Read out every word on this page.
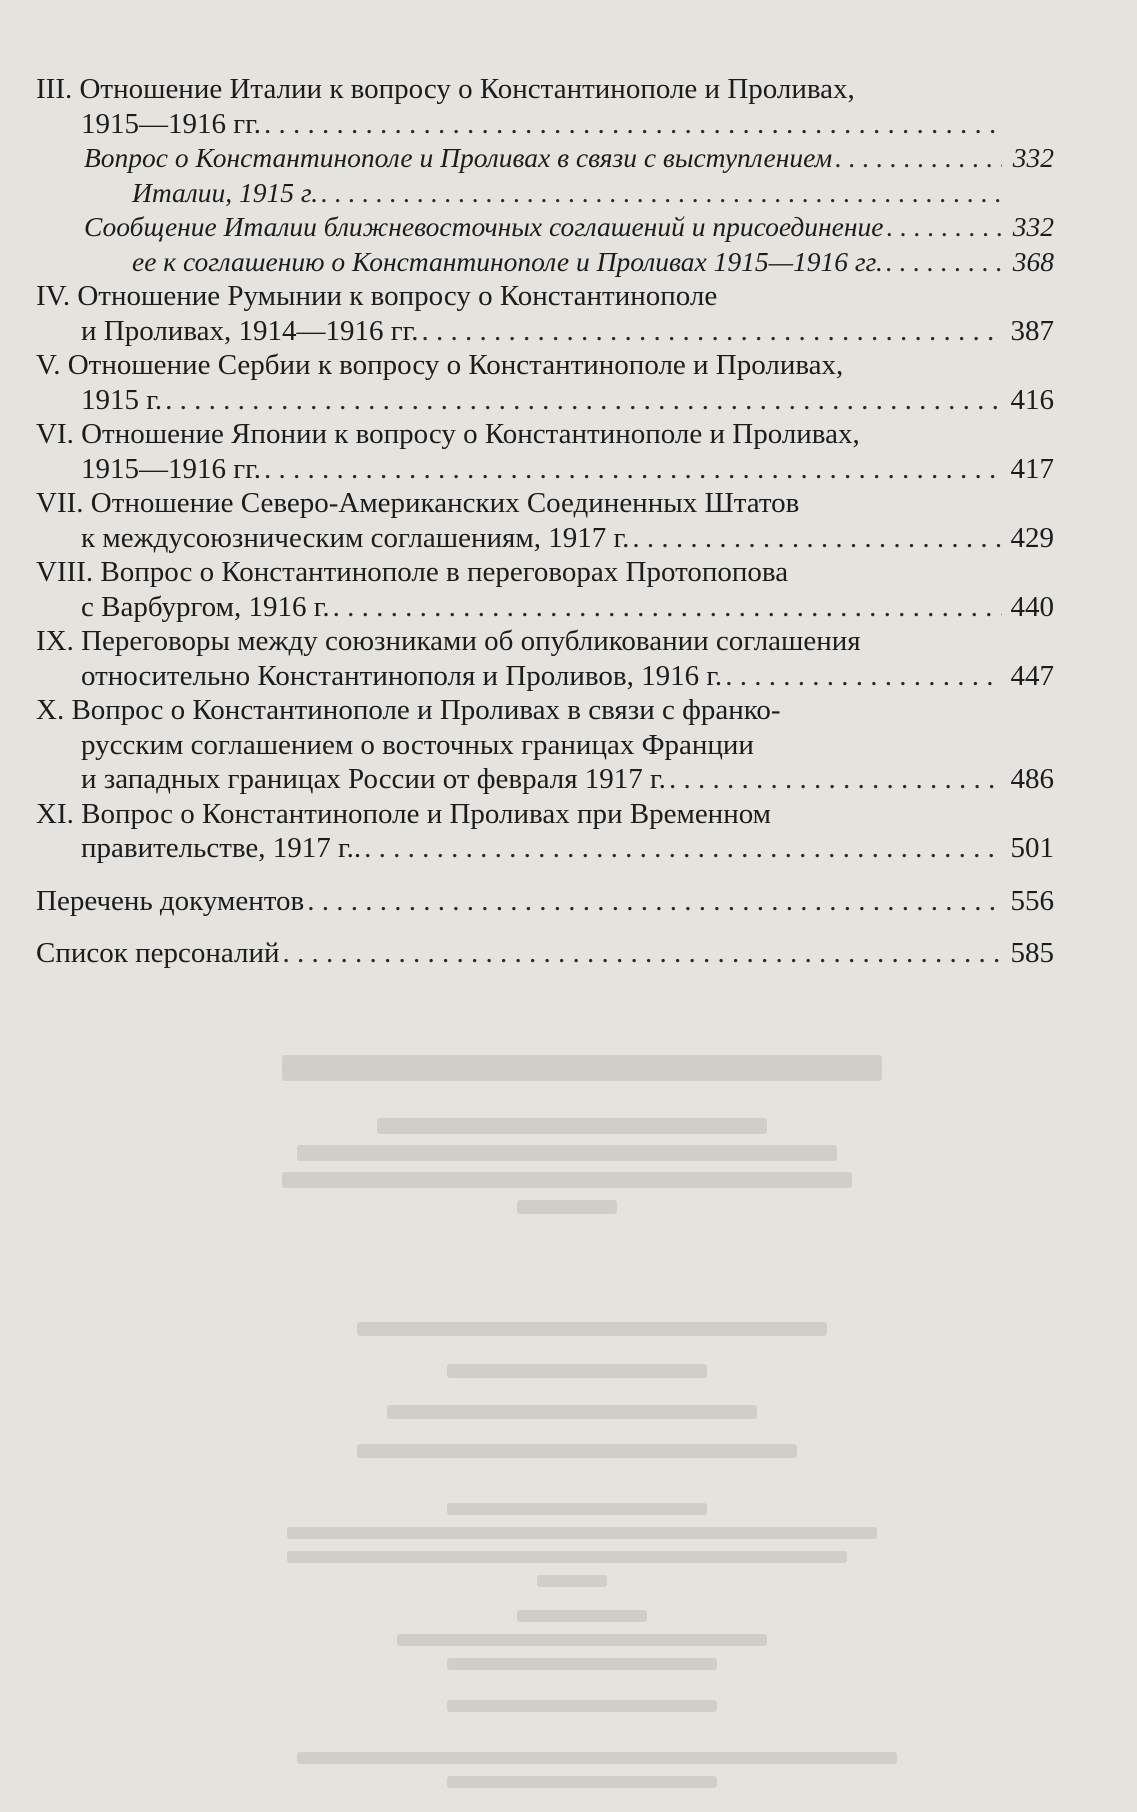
III. Отношение Италии к вопросу о Константинополе и Проливах,
1915—1916 гг.
. . .
Вопрос о Константинополе и Проливах в связи с выступлением . . .	332
Италии, 1915 г.
. . .
Сообщение Италии ближневосточных соглашений и присоединение . . .	332
ее к соглашению о Константинополе и Проливах 1915—1916 гг. . . .	368
IV. Отношение Румынии к вопросу о Константинополе
и Проливах, 1914—1916 гг. . . .	387
V. Отношение Сербии к вопросу о Константинополе и Проливах,
1915 г. . . .	416
VI. Отношение Японии к вопросу о Константинополе и Проливах,
1915—1916 гг. . . .	417
VII. Отношение Северо-Американских Соединенных Штатов
к междусоюзническим соглашениям, 1917 г. . . .	429
VIII. Вопрос о Константинополе в переговорах Протопопова
с Варбургом, 1916 г. . . .	440
IX. Переговоры между союзниками об опубликовании соглашения
относительно Константинополя и Проливов, 1916 г. . . .	447
X. Вопрос о Константинополе и Проливах в связи с франко-
русским соглашением о восточных границах Франции
и западных границах России от февраля 1917 г. . . .	486
XI. Вопрос о Константинополе и Проливах при Временном
правительстве, 1917 г.. . . .	501
Перечень документов . . .	556
Список персоналий . . .	585
